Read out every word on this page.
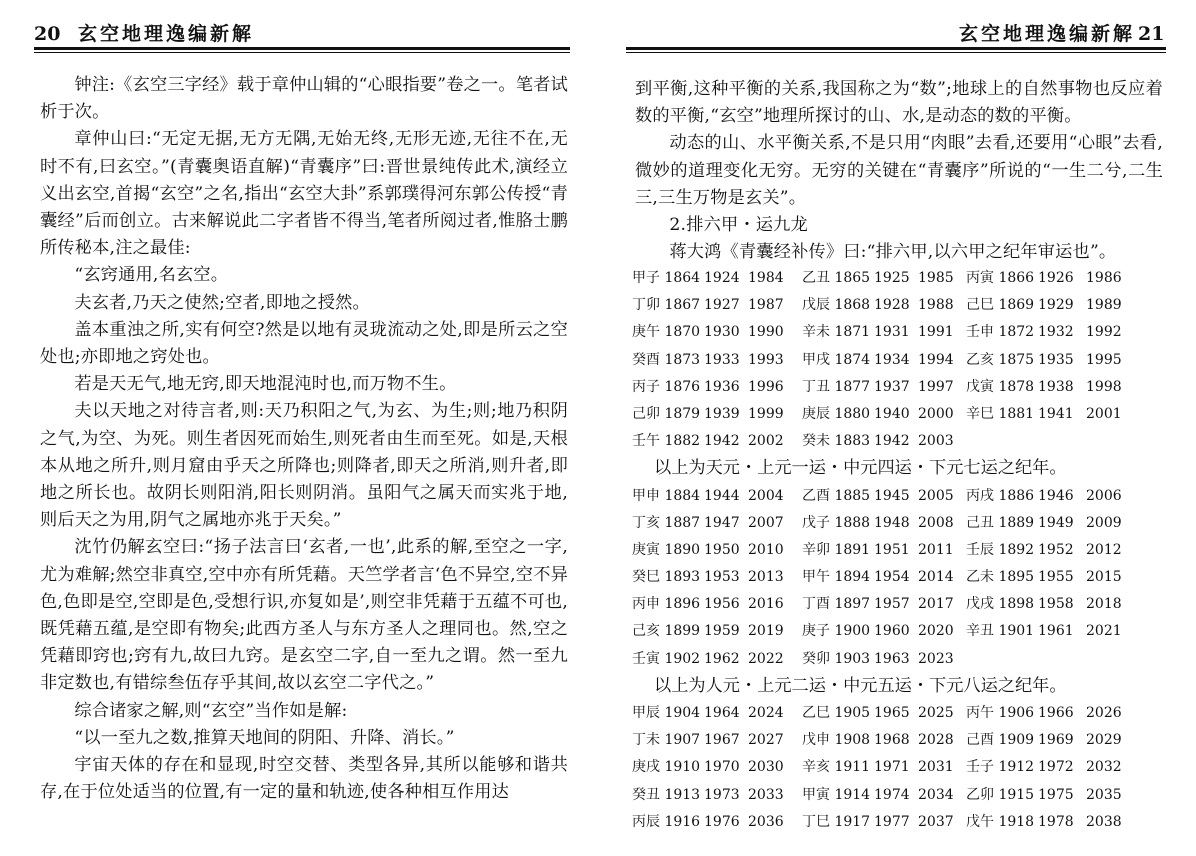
20 玄空地理逸编新解

钟注:《玄空三字经》载于章仲山辑的“心眼指要”卷之一。笔者试析于次。

章仲山曰:“无定无据,无方无隅,无始无终,无形无迹,无往不在,无时不有,曰玄空。”(青囊奥语直解)“青囊序”曰:晋世景纯传此术,演经立义出玄空,首揭“玄空”之名,指出“玄空大卦”系郭璞得河东郭公传授“青囊经”后而创立。古来解说此二字者皆不得当,笔者所阅过者,惟胳士鹏所传秘本,注之最佳:

“玄窍通用,名玄空。

夫玄者,乃天之使然;空者,即地之授然。

盖本重浊之所,实有何空?然是以地有灵珑流动之处,即是所云之空处也;亦即地之窍处也。

若是天无气,地无窍,即天地混沌时也,而万物不生。

夫以天地之对待言者,则:天乃积阳之气,为玄、为生;则;地乃积阴之气,为空、为死。则生者因死而始生,则死者由生而至死。如是,天根本从地之所升,则月窟由乎天之所降也;则降者,即天之所消,则升者,即地之所长也。故阴长则阳消,阳长则阴消。虽阳气之属天而实兆于地,则后天之为用,阴气之属地亦兆于天矣。”

沈竹仍解玄空曰:“扬子法言曰‘玄者,一也’,此系的解,至空之一字,尤为难解;然空非真空,空中亦有所凭藉。天竺学者言‘色不异空,空不异色,色即是空,空即是色,受想行识,亦复如是’,则空非凭藉于五蕴不可也,既凭藉五蕴,是空即有物矣;此西方圣人与东方圣人之理同也。然,空之凭藉即窍也;窍有九,故曰九窍。是玄空二字,自一至九之谓。然一至九非定数也,有错综叁伍存乎其间,故以玄空二字代之。”

综合诸家之解,则“玄空”当作如是解:

“以一至九之数,推算天地间的阴阳、升降、消长。”

宇宙天体的存在和显现,时空交替、类型各异,其所以能够和谐共存,在于位处适当的位置,有一定的量和轨迹,使各种相互作用达

玄空地理逸编新解 21

到平衡,这种平衡的关系,我国称之为“数”;地球上的自然事物也反应着数的平衡,“玄空”地理所探讨的山、水,是动态的数的平衡。

动态的山、水平衡关系,不是只用“肉眼”去看,还要用“心眼”去看,微妙的道理变化无穷。无穷的关键在“青囊序”所说的“一生二兮,二生三,三生万物是玄关”。

2.排六甲・运九龙

蒋大鸿《青囊经补传》曰:“排六甲,以六甲之纪年审运也”。

甲子 1864 1924 1984 乙丑 1865 1925 1985 丙寅 1866 1926 1986
丁卯 1867 1927 1987 戊辰 1868 1928 1988 己巳 1869 1929 1989
庚午 1870 1930 1990 辛未 1871 1931 1991 壬申 1872 1932 1992
癸酉 1873 1933 1993 甲戌 1874 1934 1994 乙亥 1875 1935 1995
丙子 1876 1936 1996 丁丑 1877 1937 1997 戊寅 1878 1938 1998
己卯 1879 1939 1999 庚辰 1880 1940 2000 辛巳 1881 1941 2001
壬午 1882 1942 2002 癸未 1883 1942 2003
以上为天元・上元一运・中元四运・下元七运之纪年。
甲申 1884 1944 2004 乙酉 1885 1945 2005 丙戌 1886 1946 2006
丁亥 1887 1947 2007 戊子 1888 1948 2008 己丑 1889 1949 2009
庚寅 1890 1950 2010 辛卯 1891 1951 2011 壬辰 1892 1952 2012
癸巳 1893 1953 2013 甲午 1894 1954 2014 乙未 1895 1955 2015
丙申 1896 1956 2016 丁酉 1897 1957 2017 戊戌 1898 1958 2018
己亥 1899 1959 2019 庚子 1900 1960 2020 辛丑 1901 1961 2021
壬寅 1902 1962 2022 癸卯 1903 1963 2023
以上为人元・上元二运・中元五运・下元八运之纪年。
甲辰 1904 1964 2024 乙巳 1905 1965 2025 丙午 1906 1966 2026
丁未 1907 1967 2027 戊申 1908 1968 2028 己酉 1909 1969 2029
庚戌 1910 1970 2030 辛亥 1911 1971 2031 壬子 1912 1972 2032
癸丑 1913 1973 2033 甲寅 1914 1974 2034 乙卯 1915 1975 2035
丙辰 1916 1976 2036 丁巳 1917 1977 2037 戊午 1918 1978 2038
